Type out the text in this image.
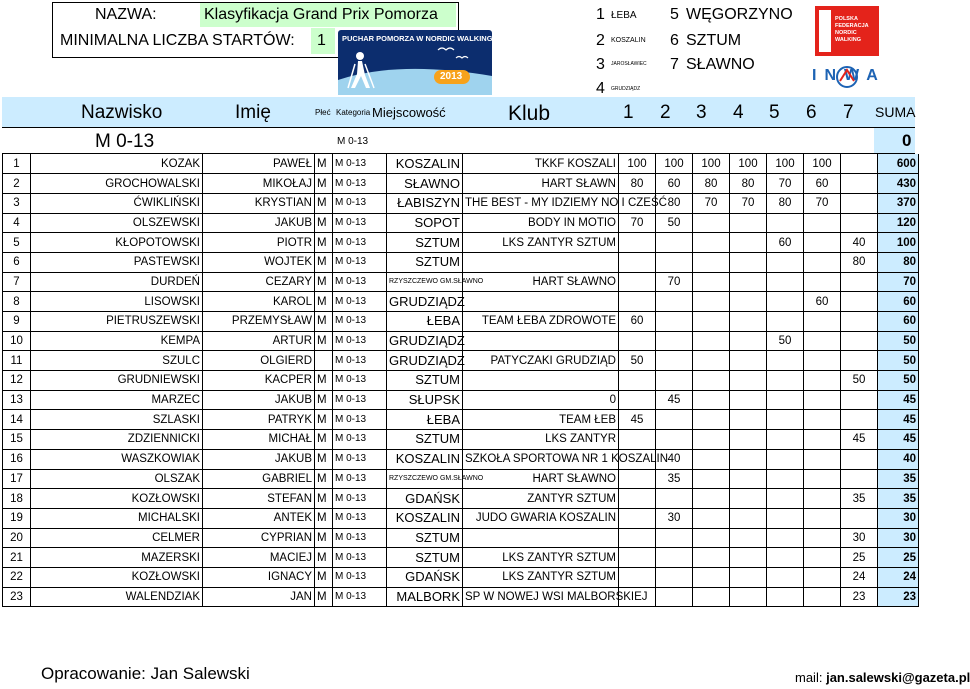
NAZWA:	Klasyfikacja Grand Prix Pomorza
MINIMALNA LICZBA STARTÓW: 1 PUCHAR POMORZA W NORDIC WALKING
2013
1 ŁEBA
2 KOSZALIN
3 JAROSŁAWIEC
4 GRUDZIĄDZ
5 WĘGORZYNO
6 SZTUM
7 SŁAWNO
POLSKA
FEDERACJA
NORDIC
WALKING
INWA
Nazwisko	Imię	Płeć Kategoria Miejscowość	Klub	1 2 3 4 5 6 7 SUMA
M 0-13	M 0-13	0
1	KOZAK	PAWEŁ	M	M 0-13	KOSZALIN	TKKF KOSZALI	100	100	100	100	100	100		600
2	GROCHOWALSKI	MIKOŁAJ	M	M 0-13	SŁAWNO	HART SŁAWN	80	60	80	80	70	60		430
3	ĆWIKLIŃSKI	KRYSTIAN	M	M 0-13	ŁABISZYN	THE BEST - MY IDZIEMY NO I CZEŚĆ		80	70	70	80	70		370
4	OLSZEWSKI	JAKUB	M	M 0-13	SOPOT	BODY IN MOTIO	70	50						120
5	KŁOPOTOWSKI	PIOTR	M	M 0-13	SZTUM	LKS ZANTYR SZTUM					60		40	100
6	PASTEWSKI	WOJTEK	M	M 0-13	SZTUM								80	80
7	DURDEŃ	CEZARY	M	M 0-13	RZYSZCZEWO GM.SŁAWNO	HART SŁAWNO		70						70
8	LISOWSKI	KAROL	M	M 0-13	GRUDZIĄDZ							60		60
9	PIETRUSZEWSKI	PRZEMYSŁAW	M	M 0-13	ŁEBA	TEAM ŁEBA ZDROWOTE	60							60
10	KEMPA	ARTUR	M	M 0-13	GRUDZIĄDZ						50			50
11	SZULC	OLGIERD		M 0-13	GRUDZIĄDZ	PATYCZAKI GRUDZIĄD	50							50
12	GRUDNIEWSKI	KACPER	M	M 0-13	SZTUM								50	50
13	MARZEC	JAKUB	M	M 0-13	SŁUPSK	0		45						45
14	SZLASKI	PATRYK	M	M 0-13	ŁEBA	TEAM ŁEB	45							45
15	ZDZIENNICKI	MICHAŁ	M	M 0-13	SZTUM	LKS ZANTYR							45	45
16	WASZKOWIAK	JAKUB	M	M 0-13	KOSZALIN	SZKOŁA SPORTOWA NR 1 KOSZALIN		40						40
17	OLSZAK	GABRIEL	M	M 0-13	RZYSZCZEWO GM.SŁAWNO	HART SŁAWNO		35						35
18	KOZŁOWSKI	STEFAN	M	M 0-13	GDAŃSK	ZANTYR SZTUM							35	35
19	MICHALSKI	ANTEK	M	M 0-13	KOSZALIN	JUDO GWARIA KOSZALIN		30						30
20	CELMER	CYPRIAN	M	M 0-13	SZTUM								30	30
21	MAZERSKI	MACIEJ	M	M 0-13	SZTUM	LKS ZANTYR SZTUM							25	25
22	KOZŁOWSKI	IGNACY	M	M 0-13	GDAŃSK	LKS ZANTYR SZTUM							24	24
23	WALENDZIAK	JAN	M	M 0-13	MALBORK	SP W NOWEJ WSI MALBORSKIEJ							23	23
Opracowanie: Jan Salewski	mail: jan.salewski@gazeta.pl
